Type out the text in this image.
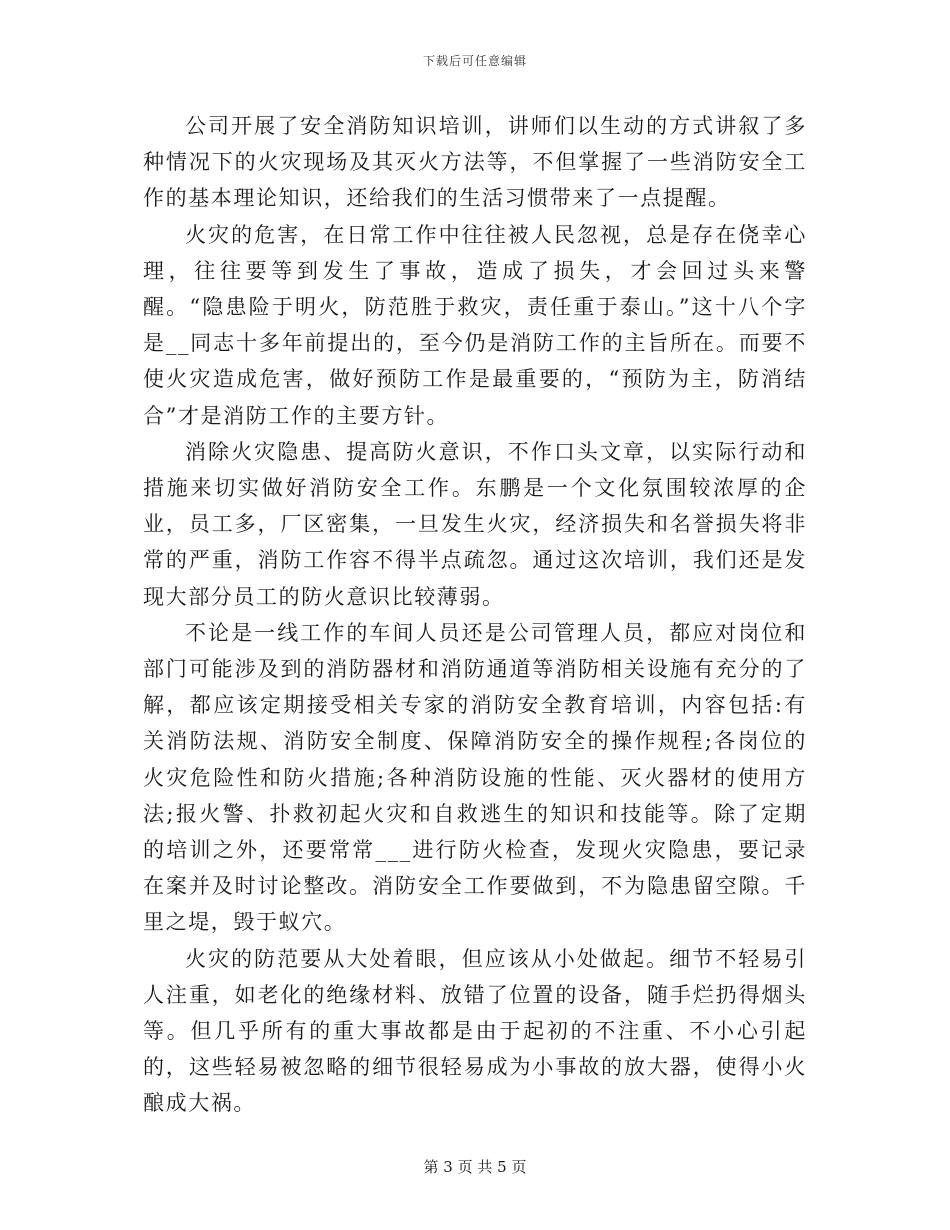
下载后可任意编辑

公司开展了安全消防知识培训，讲师们以生动的方式讲叙了多种情况下的火灾现场及其灭火方法等，不但掌握了一些消防安全工作的基本理论知识，还给我们的生活习惯带来了一点提醒。

火灾的危害，在日常工作中往往被人民忽视，总是存在侥幸心理，往往要等到发生了事故，造成了损失，才会回过头来警醒。“隐患险于明火，防范胜于救灾，责任重于泰山。”这十八个字是__同志十多年前提出的，至今仍是消防工作的主旨所在。而要不使火灾造成危害，做好预防工作是最重要的，“预防为主，防消结合”才是消防工作的主要方针。

消除火灾隐患、提高防火意识，不作口头文章，以实际行动和措施来切实做好消防安全工作。东鹏是一个文化氛围较浓厚的企业，员工多，厂区密集，一旦发生火灾，经济损失和名誉损失将非常的严重，消防工作容不得半点疏忽。通过这次培训，我们还是发现大部分员工的防火意识比较薄弱。

不论是一线工作的车间人员还是公司管理人员，都应对岗位和部门可能涉及到的消防器材和消防通道等消防相关设施有充分的了解，都应该定期接受相关专家的消防安全教育培训，内容包括:有关消防法规、消防安全制度、保障消防安全的操作规程;各岗位的火灾危险性和防火措施;各种消防设施的性能、灭火器材的使用方法;报火警、扑救初起火灾和自救逃生的知识和技能等。除了定期的培训之外，还要常常___进行防火检查，发现火灾隐患，要记录在案并及时讨论整改。消防安全工作要做到，不为隐患留空隙。千里之堤，毁于蚁穴。

火灾的防范要从大处着眼，但应该从小处做起。细节不轻易引人注重，如老化的绝缘材料、放错了位置的设备，随手烂扔得烟头等。但几乎所有的重大事故都是由于起初的不注重、不小心引起的，这些轻易被忽略的细节很轻易成为小事故的放大器，使得小火酿成大祸。

第 3 页 共 5 页
